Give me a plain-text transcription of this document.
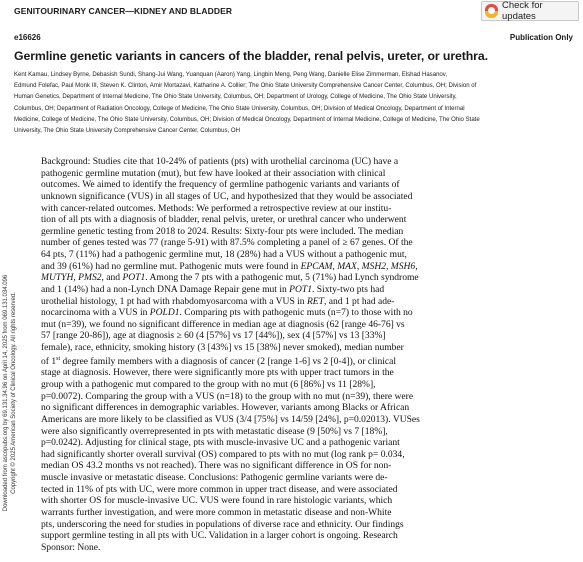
GENITOURINARY CANCER—KIDNEY AND BLADDER	Check for updates
e16626	Publication Only
Germline genetic variants in cancers of the bladder, renal pelvis, ureter, or urethra.
Kent Kamau, Lindsey Byrne, Debasish Sundi, Shang-Jui Wang, Yuanquan (Aaron) Yang, Lingbin Meng, Peng Wang, Danielle Elise Zimmerman, Elshad Hasanov,
Edmund Folefac, Paul Monk III, Steven K. Clinton, Amir Mortazavi, Katharine A. Collier; The Ohio State University Comprehensive Cancer Center, Columbus, OH; Division of
Human Genetics, Department of Internal Medicine, The Ohio State University, Columbus, OH; Department of Urology, College of Medicine, The Ohio State University,
Columbus, OH; Department of Radiation Oncology, College of Medicine, The Ohio State University, Columbus, OH; Division of Medical Oncology, Department of Internal
Medicine, College of Medicine, The Ohio State University, Columbus, OH; Division of Medical Oncology, Department of Internal Medicine, College of Medicine, The Ohio State
University, The Ohio State University Comprehensive Cancer Center, Columbus, OH
Background: Studies cite that 10-24% of patients (pts) with urothelial carcinoma (UC) have a
pathogenic germline mutation (mut), but few have looked at their association with clinical
outcomes. We aimed to identify the frequency of germline pathogenic variants and variants of
unknown significance (VUS) in all stages of UC, and hypothesized that they would be associated
with cancer-related outcomes. Methods: We performed a retrospective review at our institu-
tion of all pts with a diagnosis of bladder, renal pelvis, ureter, or urethral cancer who underwent
germline genetic testing from 2018 to 2024. Results: Sixty-four pts were included. The median
number of genes tested was 77 (range 5-91) with 87.5% completing a panel of ≥ 67 genes. Of the
64 pts, 7 (11%) had a pathogenic germline mut, 18 (28%) had a VUS without a pathogenic mut,
and 39 (61%) had no germline mut. Pathogenic muts were found in EPCAM, MAX, MSH2, MSH6,
MUTYH, PMS2, and POT1. Among the 7 pts with a pathogenic mut, 5 (71%) had Lynch syndrome
and 1 (14%) had a non-Lynch DNA Damage Repair gene mut in POT1. Sixty-two pts had
urothelial histology, 1 pt had with rhabdomyosarcoma with a VUS in RET, and 1 pt had ade-
nocarcinoma with a VUS in POLD1. Comparing pts with pathogenic muts (n=7) to those with no
mut (n=39), we found no significant difference in median age at diagnosis (62 [range 46-76] vs
57 [range 20-86]), age at diagnosis ≥ 60 (4 [57%] vs 17 [44%]), sex (4 [57%] vs 13 [33%]
female), race, ethnicity, smoking history (3 [43%] vs 15 [38%] never smoked), median number
of 1st degree family members with a diagnosis of cancer (2 [range 1-6] vs 2 [0-4]), or clinical
stage at diagnosis. However, there were significantly more pts with upper tract tumors in the
group with a pathogenic mut compared to the group with no mut (6 [86%] vs 11 [28%],
p=0.0072). Comparing the group with a VUS (n=18) to the group with no mut (n=39), there were
no significant differences in demographic variables. However, variants among Blacks or African
Americans are more likely to be classified as VUS (3/4 [75%] vs 14/59 [24%], p=0.02013). VUSes
were also significantly overrepresented in pts with metastatic disease (9 [50%] vs 7 [18%],
p=0.0242). Adjusting for clinical stage, pts with muscle-invasive UC and a pathogenic variant
had significantly shorter overall survival (OS) compared to pts with no mut (log rank p= 0.034,
median OS 43.2 months vs not reached). There was no significant difference in OS for non-
muscle invasive or metastatic disease. Conclusions: Pathogenic germline variants were de-
tected in 11% of pts with UC, were more common in upper tract disease, and were associated
with shorter OS for muscle-invasive UC. VUS were found in rare histologic variants, which
warrants further investigation, and were more common in metastatic disease and non-White
pts, underscoring the need for studies in populations of diverse race and ethnicity. Our findings
support germline testing in all pts with UC. Validation in a larger cohort is ongoing. Research
Sponsor: None.
Downloaded from ascopubs.org by 69.131.34.96 on April 14, 2025 from 069.131.034.096 Copyright © 2025 American Society of Clinical Oncology. All rights reserved.
